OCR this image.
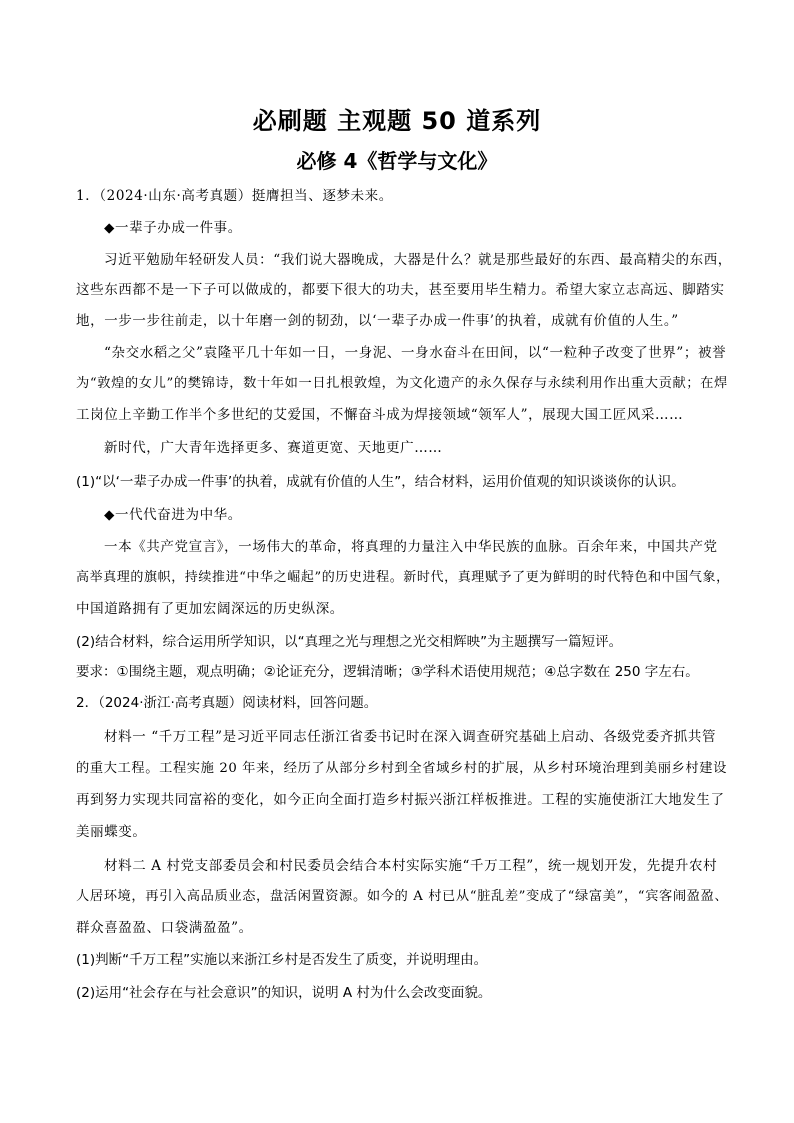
必刷题 主观题 50 道系列
必修 4《哲学与文化》
1．（2024·山东·高考真题）挺膺担当、逐梦未来。
◆一辈子办成一件事。
习近平勉励年轻研发人员：“我们说大器晚成，大器是什么？就是那些最好的东西、最高精尖的东西，
这些东西都不是一下子可以做成的，都要下很大的功夫，甚至要用毕生精力。希望大家立志高远、脚踏实
地，一步一步往前走，以十年磨一剑的韧劲，以‘一辈子办成一件事’的执着，成就有价值的人生。”
“杂交水稻之父”袁隆平几十年如一日，一身泥、一身水奋斗在田间，以“一粒种子改变了世界”；被誉
为“敦煌的女儿”的樊锦诗，数十年如一日扎根敦煌，为文化遗产的永久保存与永续利用作出重大贡献；在焊
工岗位上辛勤工作半个多世纪的艾爱国，不懈奋斗成为焊接领域“领军人”，展现大国工匠风采……
新时代，广大青年选择更多、赛道更宽、天地更广……
(1)“以‘一辈子办成一件事’的执着，成就有价值的人生”，结合材料，运用价值观的知识谈谈你的认识。
◆一代代奋进为中华。
一本《共产党宣言》，一场伟大的革命，将真理的力量注入中华民族的血脉。百余年来，中国共产党
高举真理的旗帜，持续推进“中华之崛起”的历史进程。新时代，真理赋予了更为鲜明的时代特色和中国气象，
中国道路拥有了更加宏阔深远的历史纵深。
(2)结合材料，综合运用所学知识，以“真理之光与理想之光交相辉映”为主题撰写一篇短评。
要求：①围绕主题，观点明确；②论证充分，逻辑清晰；③学科术语使用规范；④总字数在 250 字左右。
2．（2024·浙江·高考真题）阅读材料，回答问题。
材料一 “千万工程”是习近平同志任浙江省委书记时在深入调查研究基础上启动、各级党委齐抓共管
的重大工程。工程实施 20 年来，经历了从部分乡村到全省域乡村的扩展，从乡村环境治理到美丽乡村建设
再到努力实现共同富裕的变化，如今正向全面打造乡村振兴浙江样板推进。工程的实施使浙江大地发生了
美丽蝶变。
材料二 A 村党支部委员会和村民委员会结合本村实际实施“千万工程”，统一规划开发，先提升农村
人居环境，再引入高品质业态，盘活闲置资源。如今的 A 村已从“脏乱差”变成了“绿富美”，“宾客闹盈盈、
群众喜盈盈、口袋满盈盈”。
(1)判断“千万工程”实施以来浙江乡村是否发生了质变，并说明理由。
(2)运用“社会存在与社会意识”的知识，说明 A 村为什么会改变面貌。
